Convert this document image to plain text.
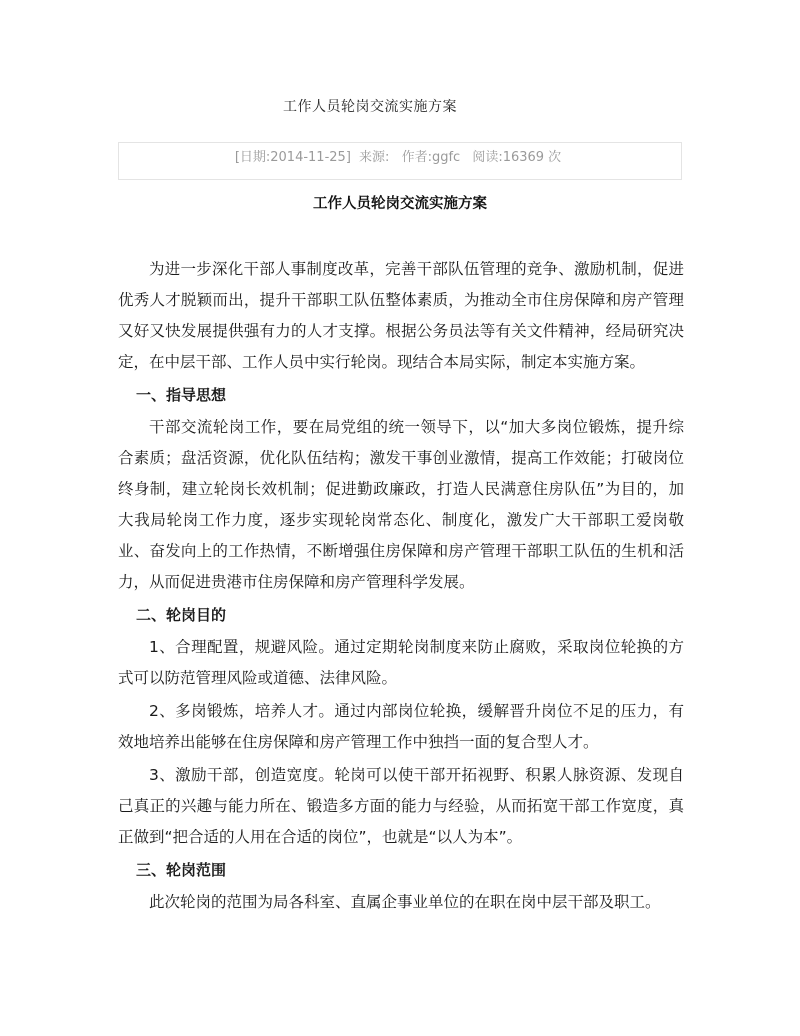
工作人员轮岗交流实施方案
[日期:2014-11-25] 来源: 作者:ggfc 阅读:16369 次
工作人员轮岗交流实施方案

为进一步深化干部人事制度改革，完善干部队伍管理的竞争、激励机制，促进优秀人才脱颖而出，提升干部职工队伍整体素质，为推动全市住房保障和房产管理又好又快发展提供强有力的人才支撑。根据公务员法等有关文件精神，经局研究决定，在中层干部、工作人员中实行轮岗。现结合本局实际，制定本实施方案。

一、指导思想

干部交流轮岗工作，要在局党组的统一领导下，以“加大多岗位锻炼，提升综合素质；盘活资源，优化队伍结构；激发干事创业激情，提高工作效能；打破岗位终身制，建立轮岗长效机制；促进勤政廉政，打造人民满意住房队伍”为目的，加大我局轮岗工作力度，逐步实现轮岗常态化、制度化，激发广大干部职工爱岗敬业、奋发向上的工作热情，不断增强住房保障和房产管理干部职工队伍的生机和活力，从而促进贵港市住房保障和房产管理科学发展。

二、轮岗目的

1、合理配置，规避风险。通过定期轮岗制度来防止腐败，采取岗位轮换的方式可以防范管理风险或道德、法律风险。

2、多岗锻炼，培养人才。通过内部岗位轮换，缓解晋升岗位不足的压力，有效地培养出能够在住房保障和房产管理工作中独挡一面的复合型人才。

3、激励干部，创造宽度。轮岗可以使干部开拓视野、积累人脉资源、发现自己真正的兴趣与能力所在、锻造多方面的能力与经验，从而拓宽干部工作宽度，真正做到“把合适的人用在合适的岗位”，也就是“以人为本”。

三、轮岗范围

此次轮岗的范围为局各科室、直属企事业单位的在职在岗中层干部及职工。
